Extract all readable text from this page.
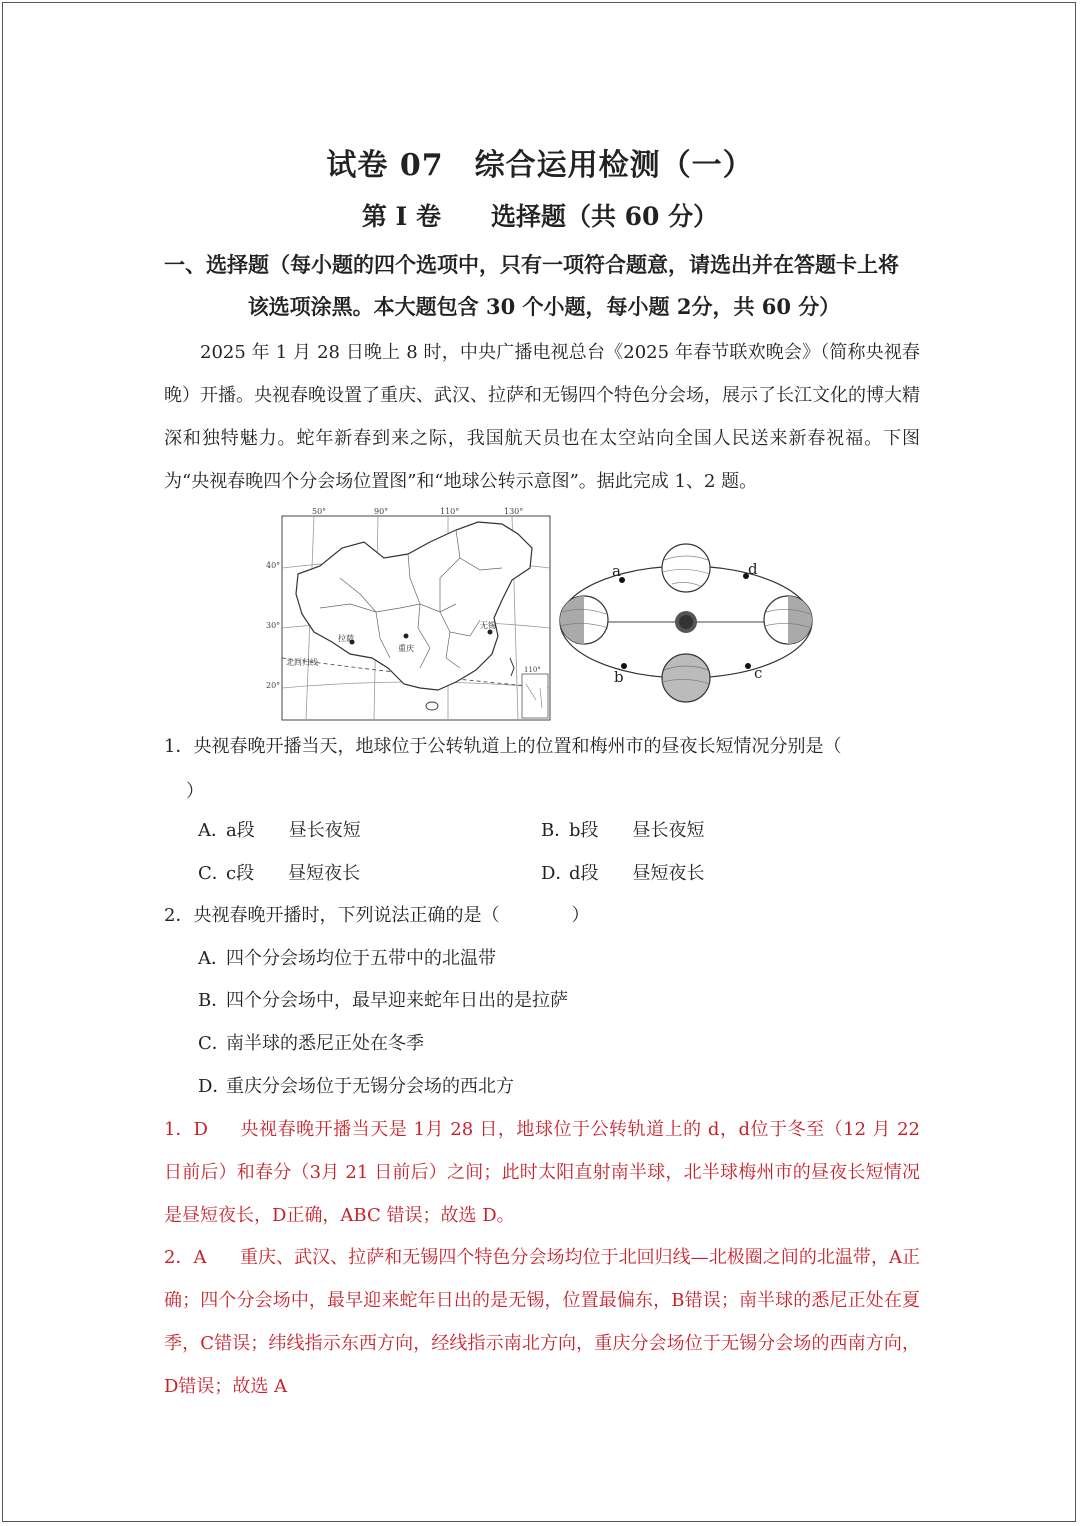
试卷 07　综合运用检测（一）
第 I 卷　　选择题（共 60 分）
一、选择题（每小题的四个选项中，只有一项符合题意，请选出并在答题卡上将
该选项涂黑。本大题包含 30 个小题，每小题 2分，共 60 分）

2025 年 1 月 28 日晚上 8 时，中央广播电视总台《2025 年春节联欢晚会》（简称央视春晚）开播。央视春晚设置了重庆、武汉、拉萨和无锡四个特色分会场，展示了长江文化的博大精深和独特魅力。蛇年新春到来之际，我国航天员也在太空站向全国人民送来新春祝福。下图为“央视春晚四个分会场位置图”和“地球公转示意图”。据此完成 1、2 题。

50°	90°	110°	130°
40°
30°
20°
拉萨
重庆
无锡
北回归线
110°
a
b	c
d
1．央视春晚开播当天，地球位于公转轨道上的位置和梅州市的昼夜长短情况分别是（
）
A．a段 昼长夜短	B．b段 昼长夜短
C．c段 昼短夜长	D．d段 昼短夜长
2．央视春晚开播时，下列说法正确的是（　　　　）
A．四个分会场均位于五带中的北温带
B．四个分会场中，最早迎来蛇年日出的是拉萨
C．南半球的悉尼正处在冬季
D．重庆分会场位于无锡分会场的西北方

1．D 央视春晚开播当天是 1月 28 日，地球位于公转轨道上的 d，d位于冬至（12 月 22 日前后）和春分（3月 21 日前后）之间；此时太阳直射南半球，北半球梅州市的昼夜长短情况是昼短夜长，D正确，ABC 错误；故选 D。

2．A 重庆、武汉、拉萨和无锡四个特色分会场均位于北回归线—北极圈之间的北温带，A正确；四个分会场中，最早迎来蛇年日出的是无锡，位置最偏东，B错误；南半球的悉尼正处在夏季，C错误；纬线指示东西方向，经线指示南北方向，重庆分会场位于无锡分会场的西南方向，D错误；故选 A
